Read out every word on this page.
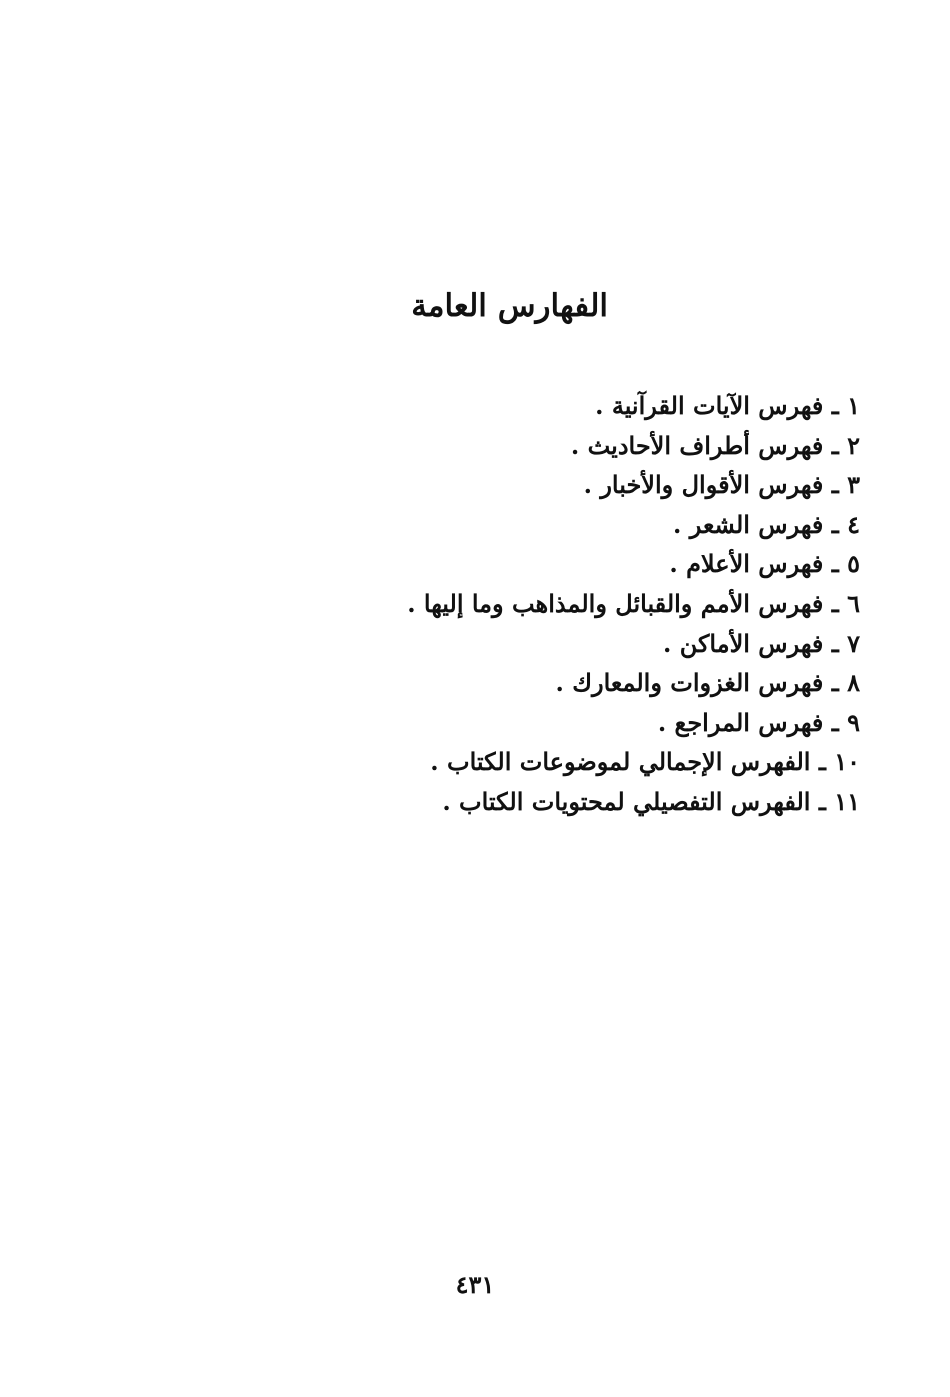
الفهارس العامة
١ ـ فهرس الآيات القرآنية .
٢ ـ فهرس أطراف الأحاديث .
٣ ـ فهرس الأقوال والأخبار .
٤ ـ فهرس الشعر .
٥ ـ فهرس الأعلام .
٦ ـ فهرس الأمم والقبائل والمذاهب وما إليها .
٧ ـ فهرس الأماكن .
٨ ـ فهرس الغزوات والمعارك .
٩ ـ فهرس المراجع .
١٠ ـ الفهرس الإجمالي لموضوعات الكتاب .
١١ ـ الفهرس التفصيلي لمحتويات الكتاب .
٤٣١
